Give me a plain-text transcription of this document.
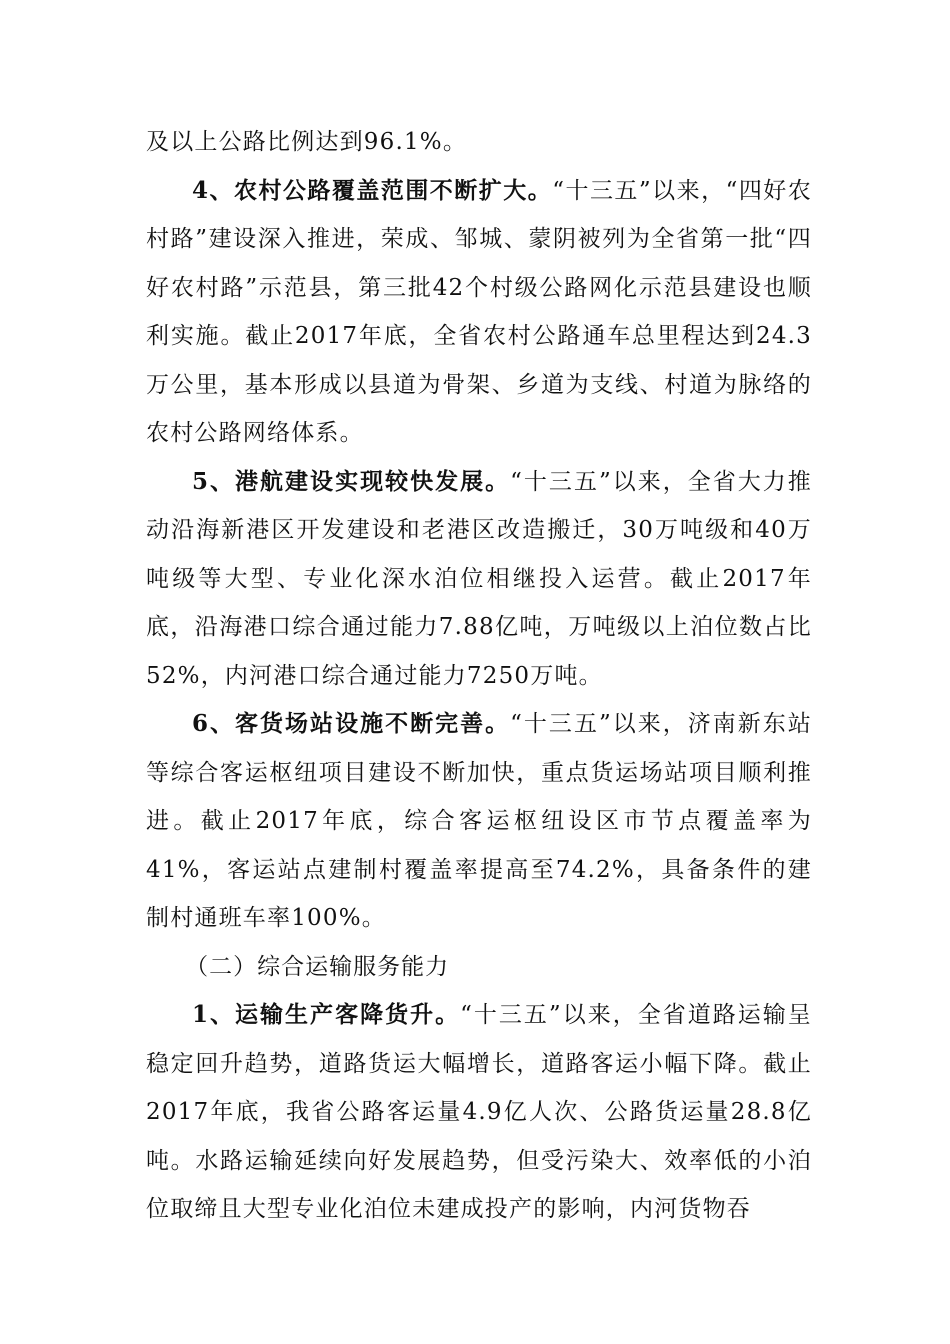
及以上公路比例达到96.1%。

4、农村公路覆盖范围不断扩大。“十三五”以来，“四好农村路”建设深入推进，荣成、邹城、蒙阴被列为全省第一批“四好农村路”示范县，第三批42个村级公路网化示范县建设也顺利实施。截止2017年底，全省农村公路通车总里程达到24.3万公里，基本形成以县道为骨架、乡道为支线、村道为脉络的农村公路网络体系。

5、港航建设实现较快发展。“十三五”以来，全省大力推动沿海新港区开发建设和老港区改造搬迁，30万吨级和40万吨级等大型、专业化深水泊位相继投入运营。截止2017年底，沿海港口综合通过能力7.88亿吨，万吨级以上泊位数占比52%，内河港口综合通过能力7250万吨。

6、客货场站设施不断完善。“十三五”以来，济南新东站等综合客运枢纽项目建设不断加快，重点货运场站项目顺利推进。截止2017年底，综合客运枢纽设区市节点覆盖率为41%，客运站点建制村覆盖率提高至74.2%，具备条件的建制村通班车率100%。

（二）综合运输服务能力

1、运输生产客降货升。“十三五”以来，全省道路运输呈稳定回升趋势，道路货运大幅增长，道路客运小幅下降。截止2017年底，我省公路客运量4.9亿人次、公路货运量28.8亿吨。水路运输延续向好发展趋势，但受污染大、效率低的小泊位取缔且大型专业化泊位未建成投产的影响，内河货物吞
